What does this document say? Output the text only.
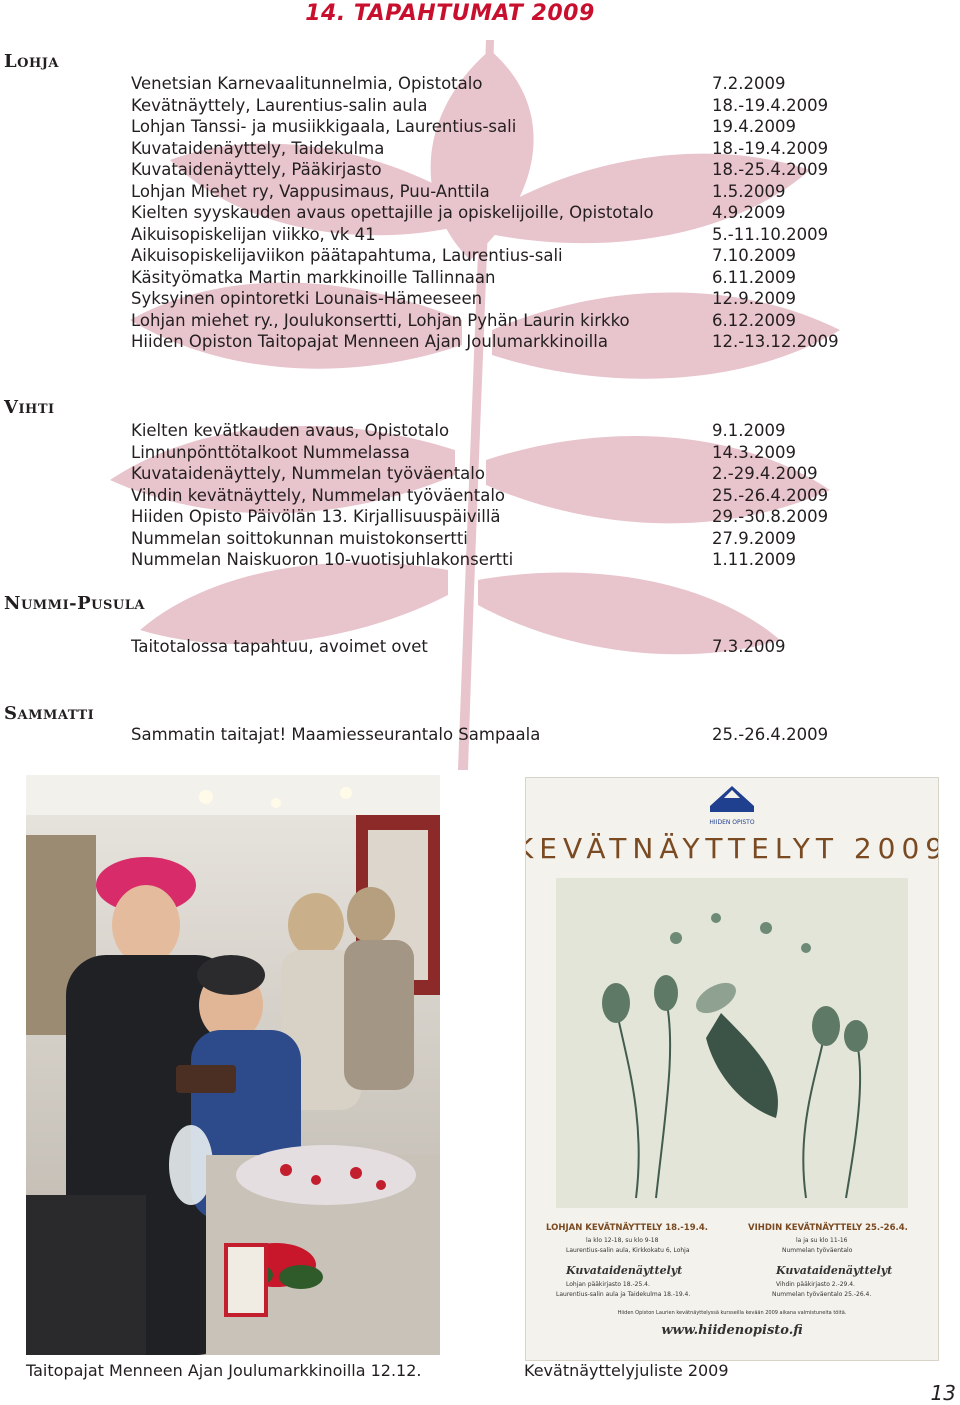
14. TAPAHTUMAT 2009
Lohja
Venetsian Karnevaalitunnelmia, Opistotalo	7.2.2009
Kevätnäyttely, Laurentius-salin aula	18.-19.4.2009
Lohjan Tanssi- ja musiikkigaala, Laurentius-sali	19.4.2009
Kuvataidenäyttely, Taidekulma	18.-19.4.2009
Kuvataidenäyttely, Pääkirjasto	18.-25.4.2009
Lohjan Miehet ry, Vappusimaus, Puu-Anttila	1.5.2009
Kielten syyskauden avaus opettajille ja opiskelijoille, Opistotalo	4.9.2009
Aikuisopiskelijan viikko, vk 41	5.-11.10.2009
Aikuisopiskelijaviikon päätapahtuma, Laurentius-sali	7.10.2009
Käsityömatka Martin markkinoille Tallinnaan	6.11.2009
Syksyinen opintoretki Lounais-Hämeeseen	12.9.2009
Lohjan miehet ry., Joulukonsertti, Lohjan Pyhän Laurin kirkko	6.12.2009
Hiiden Opiston Taitopajat Menneen Ajan Joulumarkkinoilla	12.-13.12.2009
Vihti
Kielten kevätkauden avaus, Opistotalo	9.1.2009
Linnunpönttötalkoot Nummelassa	14.3.2009
Kuvataidenäyttely, Nummelan työväentalo	2.-29.4.2009
Vihdin kevätnäyttely, Nummelan työväentalo	25.-26.4.2009
Hiiden Opisto Päivölän 13. Kirjallisuuspäivillä	29.-30.8.2009
Nummelan soittokunnan muistokonsertti	27.9.2009
Nummelan Naiskuoron 10-vuotisjuhlakonsertti	1.11.2009
Nummi-Pusula
Taitotalossa tapahtuu, avoimet ovet	7.3.2009
Sammatti
Sammatin taitajat! Maamiesseurantalo Sampaala	25.-26.4.2009
HIIDEN OPISTO
KEVÄTNÄYTTELYT 2009
LOHJAN KEVÄTNÄYTTELY 18.-19.4.
la klo 12-18, su klo 9-18
Laurentius-salin aula, Kirkkokatu 6, Lohja
Kuvataidenäyttelyt
Lohjan pääkirjasto 18.-25.4.
Laurentius-salin aula ja Taidekulma 18.-19.4.
VIHDIN KEVÄTNÄYTTELY 25.-26.4.
la ja su klo 11-16
Nummelan työväentalo
Kuvataidenäyttelyt
Vihdin pääkirjasto 2.-29.4.
Nummelan työväentalo 25.-26.4.
Hiiden Opiston Laurien kevätnäyttelyssä kursseilla kevään 2009 aikana valmistuneita töitä.
www.hiidenopisto.fi
Taitopajat Menneen Ajan Joulumarkkinoilla 12.12.	Kevätnäyttelyjuliste 2009
13
